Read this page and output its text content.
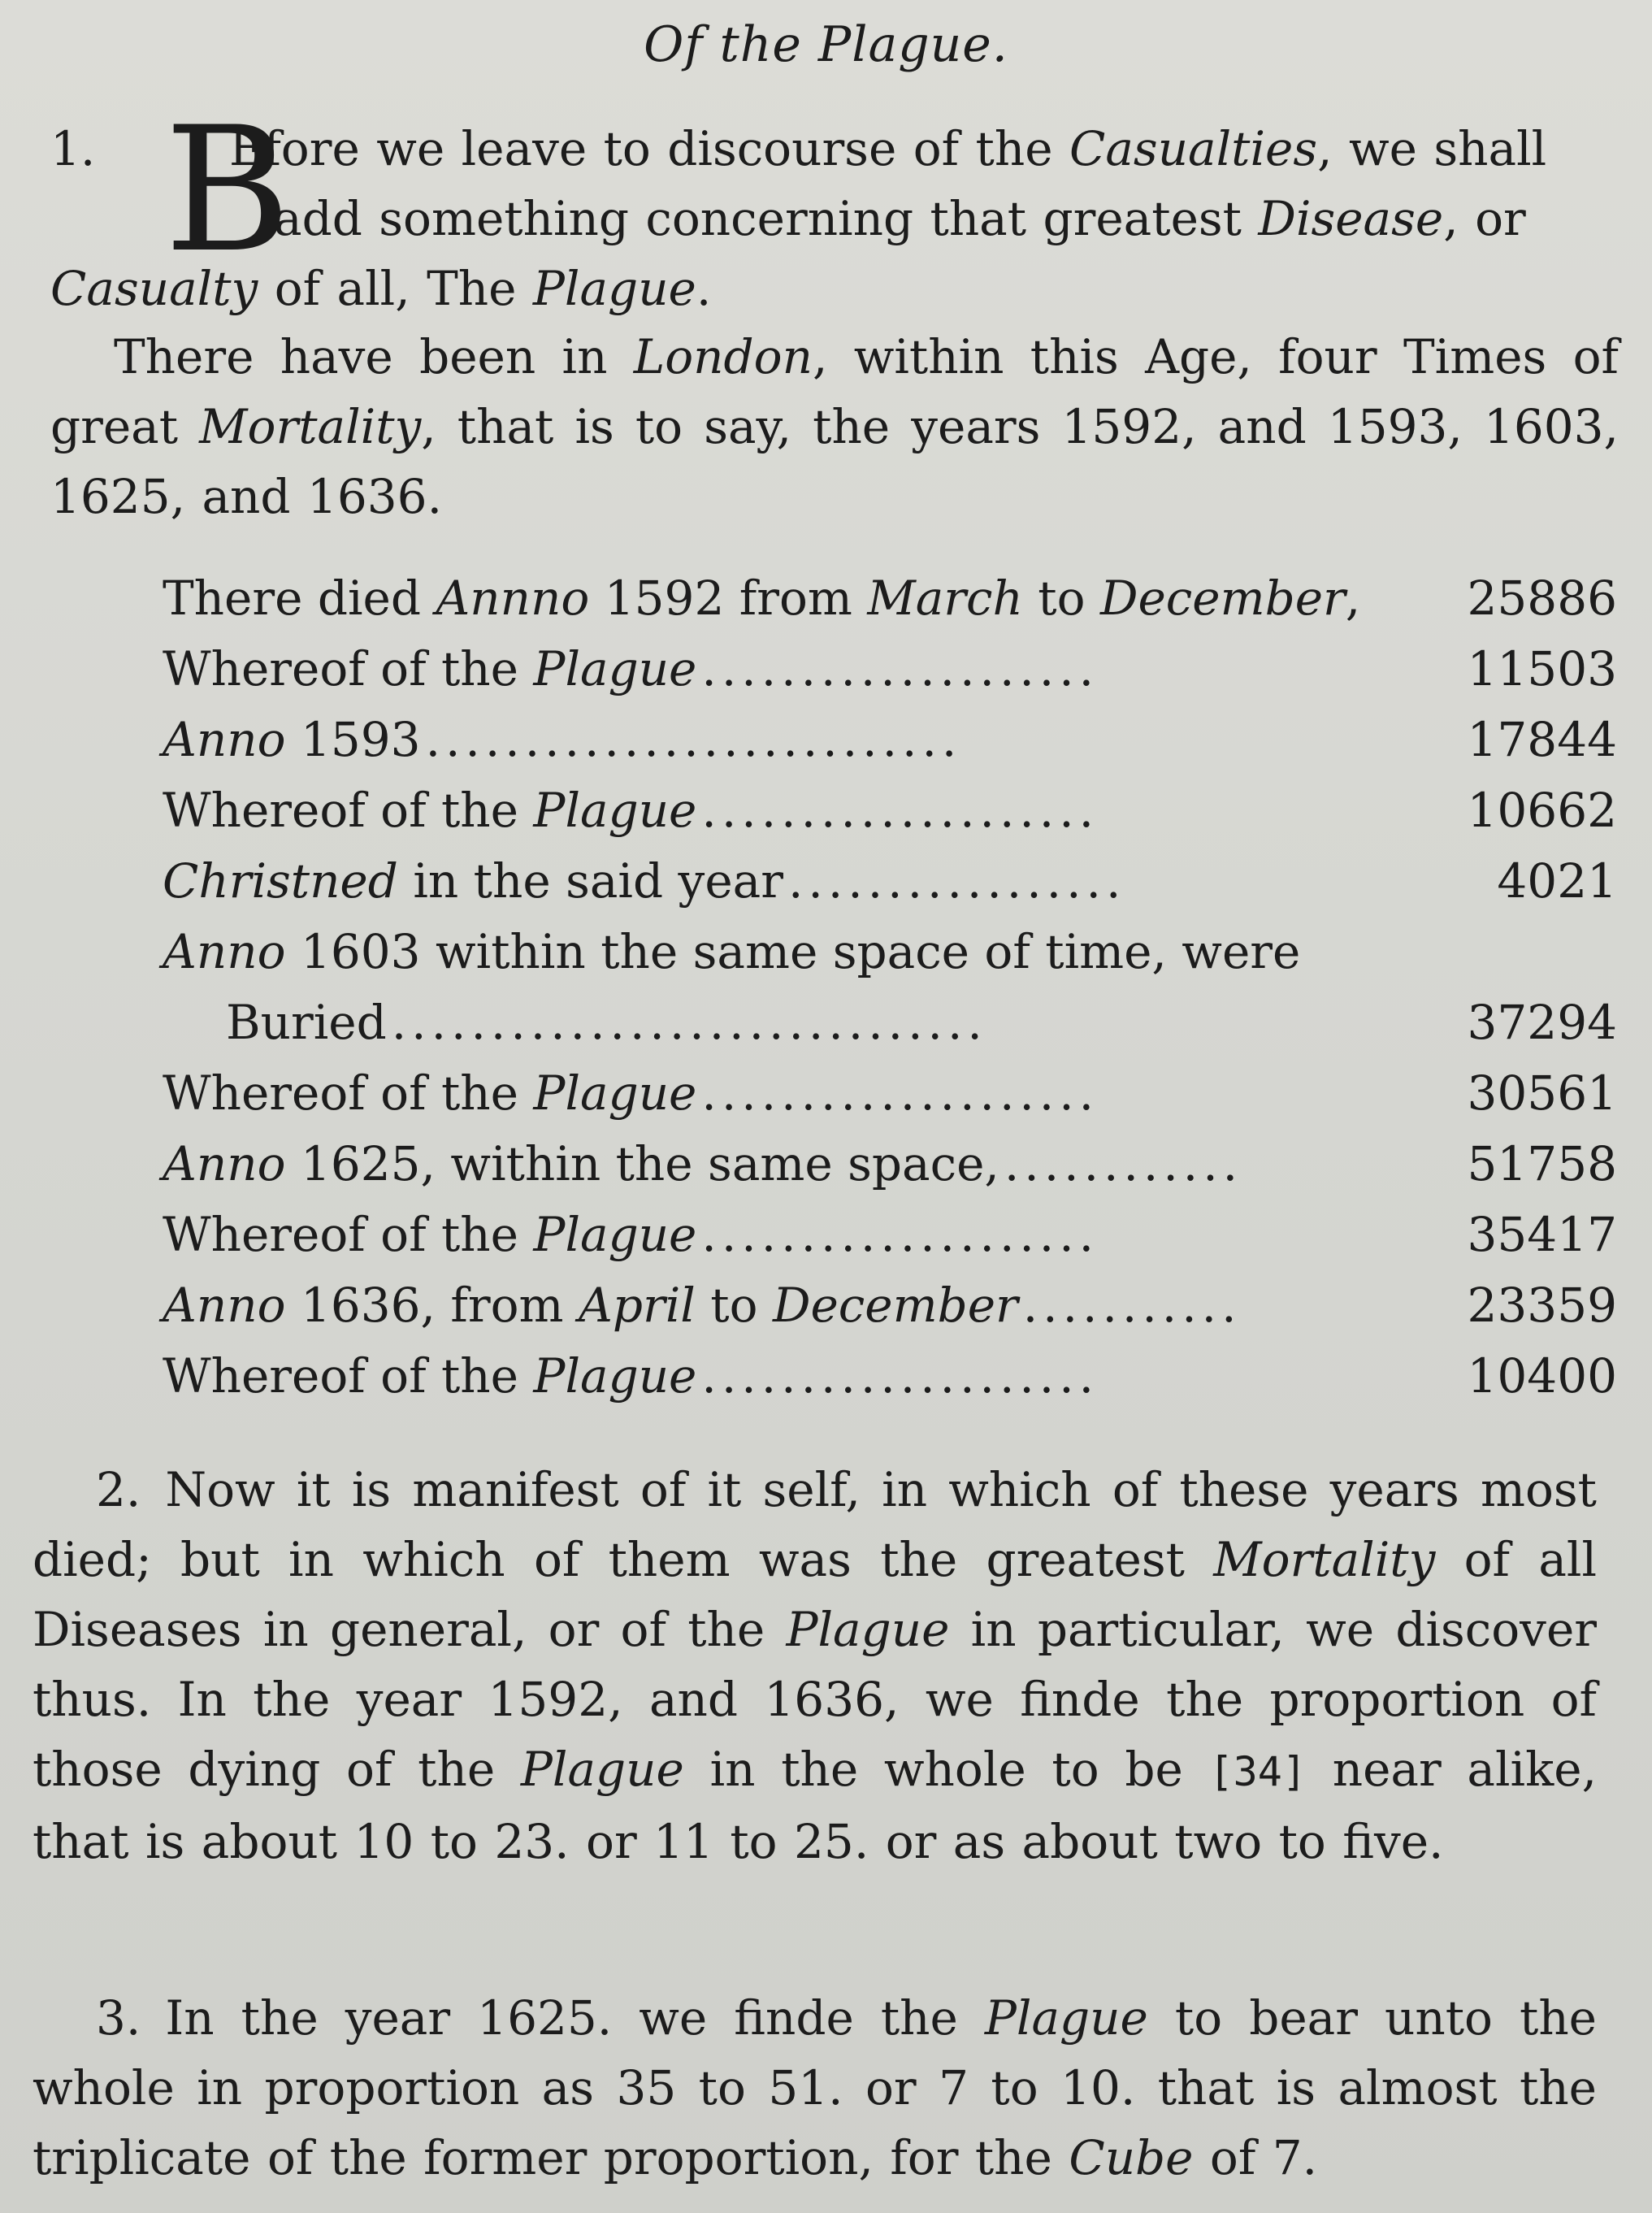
Of the Plague.
1. B
Efore we leave to discourse of the Casualties, we shall
add something concerning that greatest Disease, or
Casualty of all, The Plague.
There have been in London, within this Age, four Times of great Mortality, that is to say, the years 1592, and 1593, 1603, 1625, and 1636.
There died Annno 1592 from March to December, 25886
Whereof of the Plague ....................	11503
Anno 1593 ...........................	17844
Whereof of the Plague ....................	10662
Christned in the said year .................	4021
Anno 1603 within the same space of time, were
Buried ..............................	37294
Whereof of the Plague ....................	30561
Anno 1625, within the same space, ............	51758
Whereof of the Plague ....................	35417
Anno 1636, from April to December ...........	23359
Whereof of the Plague ....................	10400
2. Now it is manifest of it self, in which of these years most died; but in which of them was the greatest Mortality of all Diseases in general, or of the Plague in particular, we discover thus. In the year 1592, and 1636, we finde the proportion of those dying of the Plague in the whole to be [34] near alike, that is about 10 to 23. or 11 to 25. or as about two to five.
3. In the year 1625. we finde the Plague to bear unto the whole in proportion as 35 to 51. or 7 to 10. that is almost the triplicate of the former proportion, for the Cube of 7.
